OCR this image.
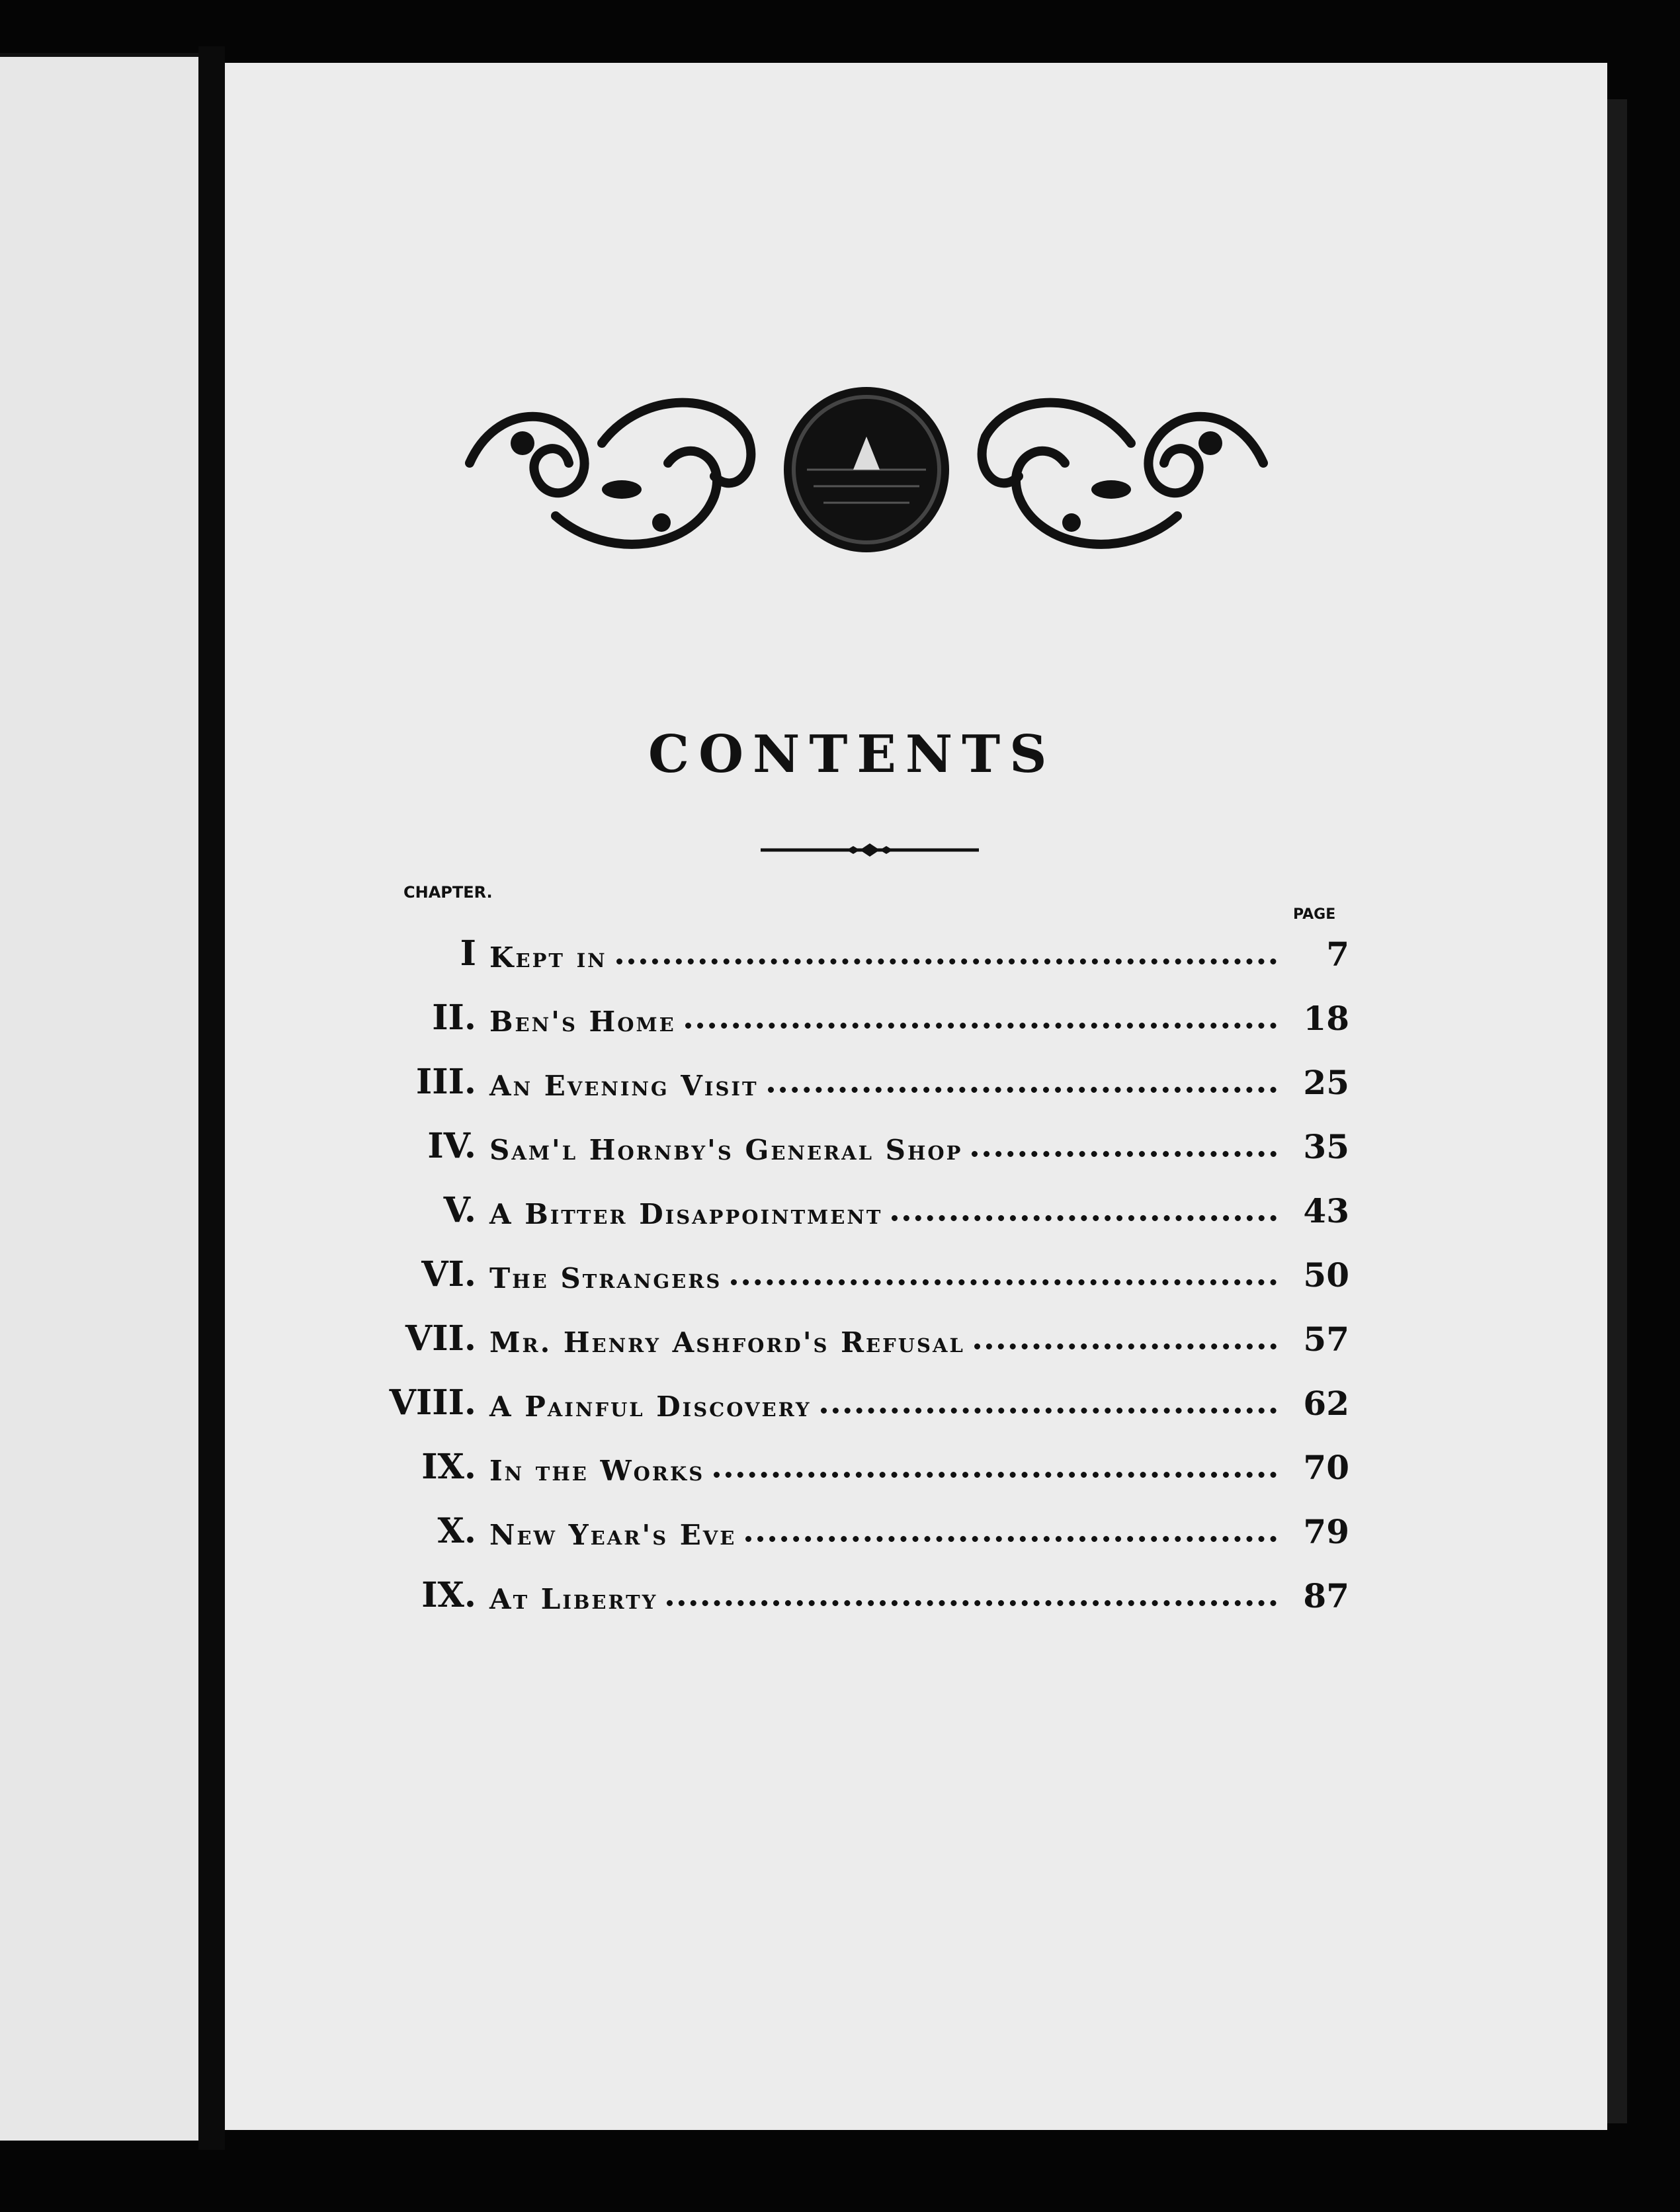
CONTENTS
CHAPTER.
PAGE
I Kept in	7
II. Ben's Home	18
III. An Evening Visit	25
IV. Sam'l Hornby's General Shop	35
V. A Bitter Disappointment	43
VI. The Strangers	50
VII. Mr. Henry Ashford's Refusal	57
VIII. A Painful Discovery	62
IX. In the Works	70
X. New Year's Eve	79
IX. At Liberty	87
